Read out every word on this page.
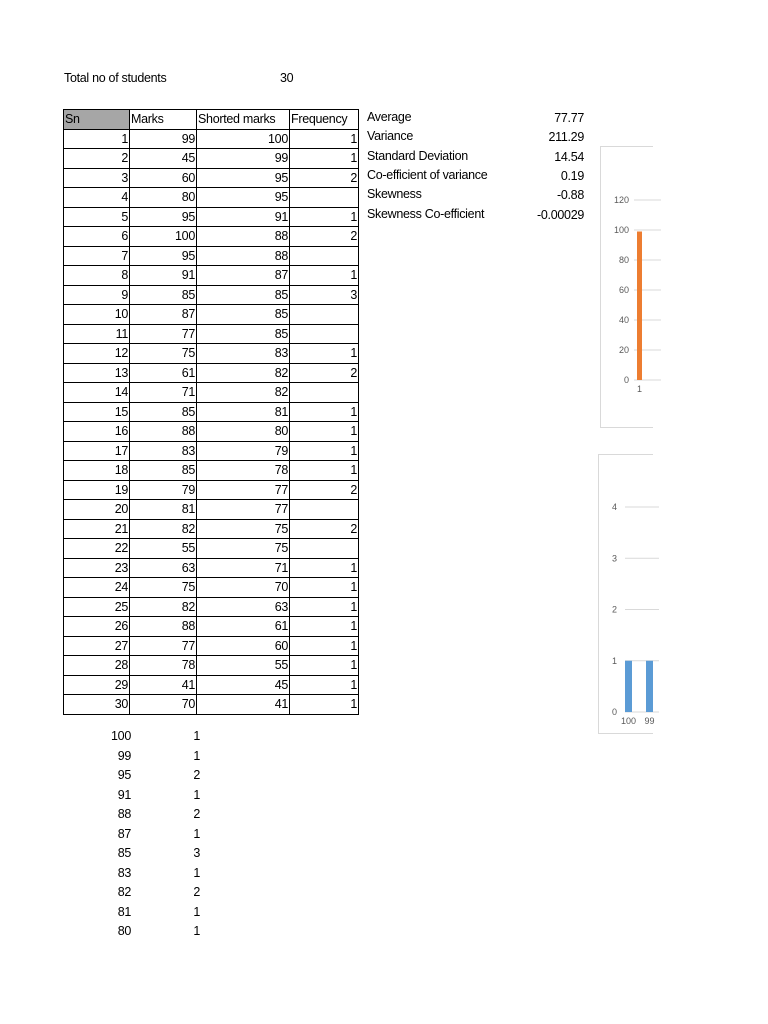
Total no of students	30
Sn	Marks	Shorted marks	Frequency
1	99	100	1
2	45	99	1
3	60	95	2
4	80	95	
5	95	91	1
6	100	88	2
7	95	88	
8	91	87	1
9	85	85	3
10	87	85	
11	77	85	
12	75	83	1
13	61	82	2
14	71	82	
15	85	81	1
16	88	80	1
17	83	79	1
18	85	78	1
19	79	77	2
20	81	77	
21	82	75	2
22	55	75	
23	63	71	1
24	75	70	1
25	82	63	1
26	88	61	1
27	77	60	1
28	78	55	1
29	41	45	1
30	70	41	1
Average	77.77
Variance	211.29
Standard Deviation	14.54
Co-efficient of variance	0.19
Skewness	-0.88
Skewness Co-efficient	-0.00029
100	1
99	1
95	2
91	1
88	2
87	1
85	3
83	1
82	2
81	1
80	1
0
20
40
60
80
100
120
1
0
1
2
3
4
100 99
